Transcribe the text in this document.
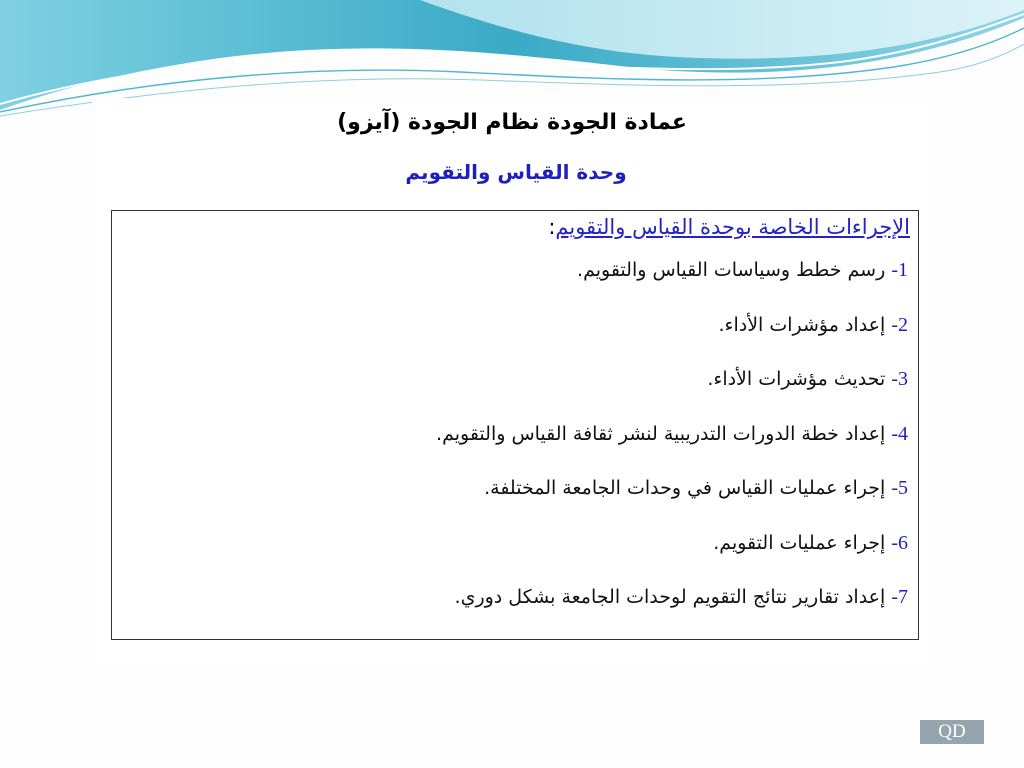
عمادة الجودة نظام الجودة (آيزو)
وحدة القياس والتقويم
الإجراءات الخاصة بوحدة القياس والتقويم:
1- رسم خطط وسياسات القياس والتقويم.
2- إعداد مؤشرات الأداء.
3- تحديث مؤشرات الأداء.
4- إعداد خطة الدورات التدريبية لنشر ثقافة القياس والتقويم.
5- إجراء عمليات القياس في وحدات الجامعة المختلفة.
6- إجراء عمليات التقويم.
7- إعداد تقارير نتائج التقويم لوحدات الجامعة بشكل دوري.
QD
